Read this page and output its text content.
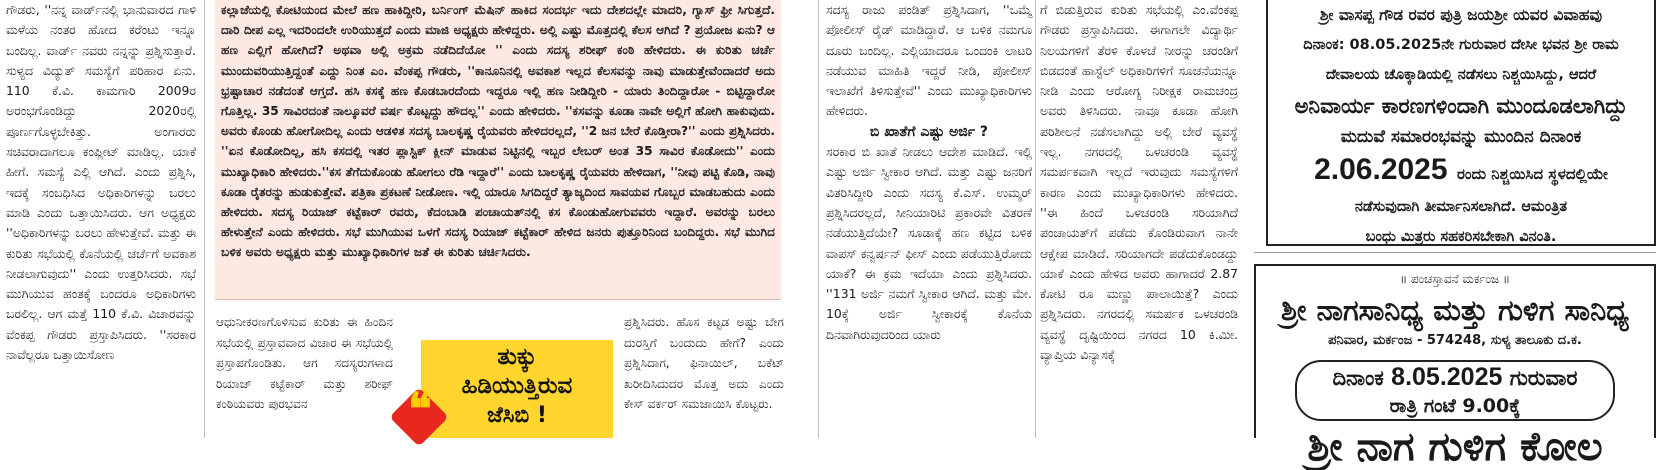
ಗೌಡರು, ''ನನ್ನ ವಾರ್ಡ್‌ನಲ್ಲಿ ಭಾನುವಾರದ ಗಾಳಿ ಮಳೆಯ ನಂತರ ಹೋದ ಕರೆಂಟು ಇನ್ನೂ ಬಂದಿಲ್ಲ. ವಾರ್ಡ್ ನವರು ನನ್ನನ್ನು ಪ್ರಶ್ನಿಸುತ್ತಾರೆ. ಸುಳ್ಯದ ವಿದ್ಯುತ್ ಸಮಸ್ಯೆಗೆ ಪರಿಹಾರ ಏನು. 110 ಕೆ.ವಿ. ಕಾಮಗಾರಿ 2009ರ ಅರಂಭಗೊಂಡಿದ್ದು 2020ರಲ್ಲಿ ಪೂರ್ಣಗೊಳ್ಳಬೇಕಿತ್ತು. ಅಂಗಾರರು ಸಚಿವರಾದಾಗಲೂ ಕಂಪ್ಲೀಟ್ ಮಾಡಿಲ್ಲ. ಯಾಕೆ ಹೀಗೆ. ಸಮಸ್ಯೆ ಎಲ್ಲಿ ಆಗಿದೆ. ಎಂದು ಪ್ರಶ್ನಿಸಿ, ಇದಕ್ಕೆ ಸಂಬಧಿಸಿದ ಅಧಿಕಾರಿಗಳನ್ನು ಬರಲು ಮಾಡಿ ಎಂದು ಒತ್ತಾಯಿಸಿದರು. ಆಗ ಅಧ್ಯಕ್ಷರು ''ಅಧಿಕಾರಿಗಳನ್ನು ಬರಲು ಹೇಳುತ್ತೇವೆ. ಮತ್ತು ಈ ಕುರಿತು ಸಭೆಯಲ್ಲಿ ಕೊನೆಯಲ್ಲಿ ಚರ್ಚೆಗೆ ಅವಕಾಶ ನೀಡಲಾಗುವುದು'' ಎಂದು ಉತ್ತರಿಸಿದರು. ಸಭೆ ಮುಗಿಯುವ ಹಂತಕ್ಕೆ ಬಂದರೂ ಅಧಿಕಾರಿಗಳು ಬರಲಿಲ್ಲ. ಆಗ ಮತ್ತೆ 110 ಕೆ.ವಿ. ವಿಚಾರವನ್ನು ವೆಂಕಪ್ಪ ಗೌಡರು ಪ್ರಸ್ತಾಪಿಸಿದರು. ''ಸರಕಾರ ನಾವೆಲ್ಲರೂ ಒತ್ತಾಯಿಸೋಣ

ಕಲ್ಲಾಜೆಯಲ್ಲಿ ಕೋಟಿಯಂದ ಮೇಲೆ ಹಣ ಹಾಕಿದ್ದೀರಿ, ಬರ್ನಿಂಗ್ ಮೆಷಿನ್ ಹಾಕಿದ ಸಂದರ್ಭ ಇದು ದೇಶದಲ್ಲೇ ಮಾದರಿ, ಗ್ಯಾಸ್ ಫ್ರೀ ಸಿಗುತ್ತದೆ. ದಾರಿ ದೀಪ ಎಲ್ಲ ಇದರಿಂದಲೇ ಉರಿಯುತ್ತದೆ ಎಂದು ಮಾಜಿ ಅಧ್ಯಕ್ಷರು ಹೇಳಿದ್ದರು. ಅಲ್ಲಿ ಎಷ್ಟು ಮೊತ್ತದಲ್ಲಿ ಕೆಲಸ ಆಗಿದೆ ? ಪ್ರಯೋಜ ಏನು? ಆ ಹಣ ಎಲ್ಲಿಗೆ ಹೋಗಿದೆ? ಅಥವಾ ಅಲ್ಲಿ ಅಕ್ರಮ ನಡೆದಿದೆಯೋ '' ಎಂದು ಸದಸ್ಯ ಶರೀಫ್ ಕಂಠಿ ಹೇಳಿದರು. ಈ ಕುರಿತು ಚರ್ಚೆ ಮುಂದುವರಿಯುತ್ತಿದ್ದಂತೆ ಎದ್ದು ನಿಂತ ಎಂ. ವೆಂಕಪ್ಪ ಗೌಡರು, ''ಕಾನೂನಿನಲ್ಲಿ ಅವಕಾಶ ಇಲ್ಲದ ಕೆಲಸವನ್ನು ನಾವು ಮಾಡುತ್ತೇವೆಂದಾದರೆ ಅದು ಭ್ರಷ್ಟಾಚಾರ ನಡೆದಂತೆ ಆಗ್ತದೆ. ಹಸಿ ಕಸಕ್ಕೆ ಹಣ ಕೊಡಬಾರದೆಂದು ಇದ್ದರೂ ಇಲ್ಲಿ ಹಣ ನೀಡಿದ್ದೀರಿ - ಯಾರು ತಿಂದಿದ್ದಾರೋ - ಬಿಟ್ಟಿದ್ದಾರೋ ಗೊತ್ತಿಲ್ಲ. 35 ಸಾವಿರದಂತೆ ನಾಲ್ಕೂವರೆ ವರ್ಷ ಕೊಟ್ಟದ್ದು ಹೌದಲ್ಲ'' ಎಂದು ಹೇಳಿದರು. ''ಕಸವನ್ನು ಕೂಡಾ ನಾವೇ ಅಲ್ಲಿಗೆ ಹೋಗಿ ಹಾಕುವುದು. ಅವರು ಕೊಂಡು ಹೋಗೋದಿಲ್ಲ ಎಂದು ಆಡಳಿತ ಸದಸ್ಯ ಬಾಲಕೃಷ್ಣ ರೈಯವರು ಹೇಳಿದರಲ್ಲದೆ, ''2 ಜನ ಬೇರೆ ಕೊಡ್ತೀರಾ?'' ಎಂದು ಪ್ರಶ್ನಿಸಿದರು. ''ಏನ ಕೊಡೋದಿಲ್ಲ, ಹಸಿ ಕಸದಲ್ಲಿ ಇತರ ಪ್ಲಾಸ್ಟಿಕ್ ಕ್ಲೀನ್ ಮಾಡುವ ನಿಟ್ಟಿನಲ್ಲಿ ಇಬ್ಬರ ಲೇಬರ್ ಅಂತ 35 ಸಾವಿರ ಕೊಡೋದು'' ಎಂದು ಮುಖ್ಯಾಧಿಕಾರಿ ಹೇಳಿದರು.''ಕಸ ತೆಗೆದುಕೊಂಡು ಹೋಗಲು ರೆಡಿ ಇದ್ದಾರೆ'' ಎಂದು ಬಾಲಕೃಷ್ಣ ರೈಯವರು ಹೇಳಿದಾಗ, ''ನೀವು ಪಟ್ಟಿ ಕೊಡಿ, ನಾವು ಕೂಡಾ ರೈತರನ್ನು ಹುಡುಕುತ್ತೇವೆ. ಪತ್ರಿಕಾ ಪ್ರಕಟಣೆ ನೀಡೋಣ. ಇಲ್ಲಿ ಯಾರೂ ಸಿಗದಿದ್ದರೆ ತ್ಯಾಜ್ಯದಿಂದ ಸಾವಯವ ಗೊಬ್ಬರ ಮಾಡಬಹುದು ಎಂದು ಹೇಳಿದರು. ಸದಸ್ಯ ರಿಯಾಜ್ ಕಟ್ಟೆಕಾರ್ ರವರು, ಕೆದಂಬಾಡಿ ಪಂಚಾಯತ್‌ನಲ್ಲಿ ಕಸ ಕೊಂಡುಹೋಗುವವರು ಇದ್ದಾರೆ. ಅವರನ್ನು ಬರಲು ಹೇಳುತ್ತೇನೆ ಎಂದು ಹೇಳಿದರು. ಸಭೆ ಮುಗಿಯುವ ಒಳಗೆ ಸದಸ್ಯ ರಿಯಾಜ್ ಕಟ್ಟೆಕಾರ್ ಹೇಳಿದ ಜನರು ಪುತ್ತೂರಿನಿಂದ ಬಂದಿದ್ದರು. ಸಭೆ ಮುಗಿದ ಬಳಿಕ ಅವರು ಅಧ್ಯಕ್ಷರು ಮತ್ತು ಮುಖ್ಯಾಧಿಕಾರಿಗಳ ಜತೆ ಈ ಕುರಿತು ಚರ್ಚಿಸಿದರು.

ಆಧುನೀಕರಣಗೊಳಿಸುವ ಕುರಿತು ಈ ಹಿಂದಿನ ಸಭೆಯಲ್ಲಿ ಪ್ರಸ್ತಾವವಾದ ವಿಚಾರ ಈ ಸಭೆಯಲ್ಲಿ ಪ್ರಸ್ತಾಪಗೊಂಡಿತು. ಆಗ ಸದಸ್ಯರುಗಳಾದ ರಿಯಾಜ್ ಕಟ್ಟೆಕಾರ್ ಮತ್ತು ಶರೀಫ್ ಕಂಠಿಯವರು ಪುರಭವನ
ತುಕ್ಕು
ಹಿಡಿಯುತ್ತಿರುವ
ಜೆಸಿಬಿ !
❝
ಪ್ರಶ್ನಿಸಿದರು. ಹೊಸ ಕಟ್ಟಡ ಅಷ್ಟು ಬೇಗ ದುರಸ್ತಿಗೆ ಬಂದುದು ಹೇಗೆ? ಎಂದು ಪ್ರಶ್ನಿಸಿದಾಗ, ಫಿನಾಯಿಲ್, ಬಕೆಟ್ ಖರೀದಿಸಿದುದರ ಮೊತ್ತ ಅದು ಎಂದು ಕೇಸ್ ವರ್ಕರ್ ಸಮಜಾಯಿಸಿ ಕೊಟ್ಟರು.

ಸದಸ್ಯ ರಾಜು ಪಂಡಿತ್ ಪ್ರಶ್ನಿಸಿದಾಗ, ''ಒಮ್ಮೆ ಪೋಲೀಸ್ ರೈಡ್ ಮಾಡಿದ್ದಾರೆ. ಆ ಬಳಿಕ ನಮಗೂ ದೂರು ಬಂದಿಲ್ಲ. ಎಲ್ಲಿಯಾದರೂ ಒಂದಂಕಿ ಲಾಟರಿ ನಡೆಯುವ ಮಾಹಿತಿ ಇದ್ದರೆ ನೀಡಿ, ಪೋಲೀಸ್ ಇಲಾಖೆಗೆ ತಿಳಿಸುತ್ತೇವೆ'' ಎಂದು ಮುಖ್ಯಾಧಿಕಾರಿಗಳು ಹೇಳಿದರು.

ಬಿ ಖಾತೆಗೆ ಎಷ್ಟು ಅರ್ಜಿ ?

ಸರಕಾರ ಬಿ ಖಾತೆ ನೀಡಲು ಆದೇಶ ಮಾಡಿದೆ. ಇಲ್ಲಿ ಎಷ್ಟು ಅರ್ಜಿ ಸ್ವೀಕಾರ ಆಗಿದೆ. ಮತ್ತು ಎಷ್ಟು ಜನರಿಗೆ ವಿತರಿಸಿದ್ದೀರಿ ಎಂದು ಸದಸ್ಯ ಕೆ.ಎಸ್. ಉಮ್ಮರ್ ಪ್ರಶ್ನಿಸಿದರಲ್ಲದೆ, ಸೀನಿಯಾರಿಟಿ ಪ್ರಕಾರವೇ ವಿತರಣೆ ನಡೆಯುತ್ತಿದೆಯೇ? ಸೂಡಾಕ್ಕೆ ಹಣ ಕಟ್ಟಿದ ಬಳಿಕ ವಾಪಸ್ ಕನ್ವರ್ಷನ್ ಫೀಸ್ ಎಂದು ಪಡೆಯುತ್ತಿರೋದು ಯಾಕೆ? ಈ ಕ್ರಮ ಇದೆಯಾ ಎಂದು ಪ್ರಶ್ನಿಸಿದರು. ''131 ಅರ್ಜಿ ನಮಗೆ ಸ್ವೀಕಾರ ಆಗಿದೆ. ಮತ್ತು ಮೇ. 10ಕ್ಕೆ ಅರ್ಜಿ ಸ್ವೀಕಾರಕ್ಕೆ ಕೊನೆಯ ದಿನವಾಗಿರುವುದರಿಂದ ಯಾರು

ಗೆ ಬಿಡುತ್ತಿರುವ ಕುರಿತು ಸಭೆಯಲ್ಲಿ ಎಂ.ವೆಂಕಪ್ಪ ಗೌಡರು ಪ್ರಸ್ತಾಪಿಸಿದರು. ಈಗಾಗಲೇ ವಿದ್ಯಾರ್ಥಿ ನಿಲಯಗಳಿಗೆ ತೆರಳಿ ಕೊಳಚೆ ನೀರನ್ನು ಚರಂಡಿಗೆ ಬಿಡದಂತೆ ಹಾಸ್ಟೆಲ್ ಅಧಿಕಾರಿಗಳಿಗೆ ಸೂಚನೆಯನ್ನೂ ನೀಡಿ ಎಂದು ಆರೋಗ್ಯ ನಿರೀಕ್ಷಕ ರಾಮಚಂದ್ರ ಅವರು ತಿಳಿಸಿದರು. ನಾವೂ ಕೂಡಾ ಹೋಗಿ ಪರಿಶೀಲನೆ ನಡೆಸಲಾಗಿದ್ದು ಅಲ್ಲಿ ಬೇರೆ ವ್ಯವಸ್ಥೆ ಇಲ್ಲ. ನಗರದಲ್ಲಿ ಒಳಚರಂಡಿ ವ್ಯವಸ್ಥೆ ಸಮರ್ಪಕವಾಗಿ ಇಲ್ಲದೆ ಇರುವುದು ಸಮಸ್ಯೆಗಳಿಗೆ ಕಾರಣ ಎಂದು ಮುಖ್ಯಾಧಿಕಾರಿಗಳು ಹೇಳಿದರು. ''ಈ ಹಿಂದೆ ಒಳಚರಂಡಿ ಸರಿಯಾಗಿದೆ ಪಂಚಾಯತ್‌ಗೆ ಪಡೆದು ಕೊಂಡಿರುವಾಗ ನಾನೇ ಆಕ್ಷೇಪ ಮಾಡಿದೆ. ಸರಿಯಾಗದೇ ಪಡೆದುಕೊಂಡದ್ದು ಯಾಕೆ ಎಂದು ಹೇಳಿದ ಅವರು ಹಾಗಾದರೆ 2.87 ಕೋಟಿ ರೂ ಮಣ್ಣು ಪಾಲಾಯಿತ್ತೆ? ಎಂದು ಪ್ರಶ್ನಿಸಿದರು. ನಗರದಲ್ಲಿ ಸಮರ್ಪಕ ಒಳಚರಂಡಿ ವ್ಯವಸ್ಥೆ ದೃಷ್ಟಿಯಿಂದ ನಗರದ 10 ಕಿ.ಮೀ. ವ್ಯಾಪ್ತಿಯ ವಿನ್ಯಾಸಕ್ಕೆ

ಶ್ರೀ ವಾಸಪ್ಪ ಗೌಡ ರವರ ಪುತ್ರಿ ಜಯಶ್ರೀ ಯವರ ವಿವಾಹವು
ದಿನಾಂಕ: 08.05.2025ನೇ ಗುರುವಾರ ದೇಸೀ ಭವನ ಶ್ರೀ ರಾಮ
ದೇವಾಲಯ ಚೊಕ್ಕಾಡಿಯಲ್ಲಿ ನಡೆಸಲು ನಿಶ್ಚಯಿಸಿದ್ದು, ಆದರೆ
ಅನಿವಾರ್ಯ ಕಾರಣಗಳಿಂದಾಗಿ ಮುಂದೂಡಲಾಗಿದ್ದು
ಮದುವೆ ಸಮಾರಂಭವನ್ನು ಮುಂದಿನ ದಿನಾಂಕ
2.06.2025 ರಂದು ನಿಶ್ಚಯಿಸಿದ ಸ್ಥಳದಲ್ಲಿಯೇ
ನಡೆಸುವುದಾಗಿ ತೀರ್ಮಾನಿಸಲಾಗಿದೆ. ಆಮಂತ್ರಿತ
ಬಂಧು ಮಿತ್ರರು ಸಹಕರಿಸಬೇಕಾಗಿ ವಿನಂತಿ.
॥ ಪಂಚಸ್ತಾವನೆ ಮರ್ಕಂಜ ॥
ಶ್ರೀ ನಾಗಸಾನಿಧ್ಯ ಮತ್ತು ಗುಳಿಗ ಸಾನಿಧ್ಯ
ಪನಿವಾರ, ಮರ್ಕಂಜ - 574248, ಸುಳ್ಯ ತಾಲೂಕು ದ.ಕ.
ದಿನಾಂಕ 8.05.2025 ಗುರುವಾರ
ರಾತ್ರಿ ಗಂಟೆ 9.00ಕ್ಕೆ
ಶ್ರೀ ನಾಗ ಗುಳಿಗ ಕೋಲ
